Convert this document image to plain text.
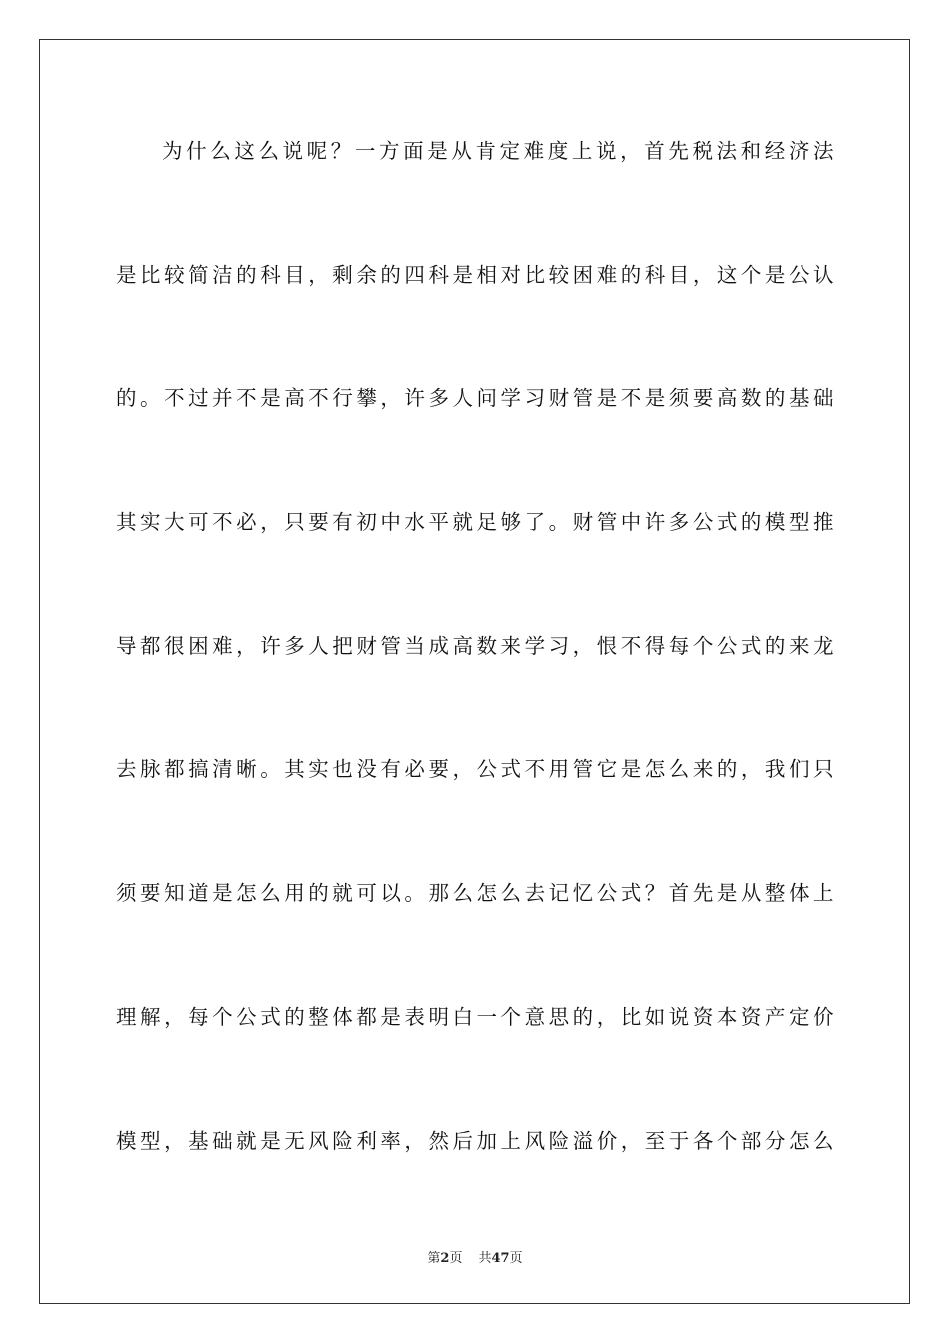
为什么这么说呢？一方面是从肯定难度上说，首先税法和经济法
是比较简洁的科目，剩余的四科是相对比较困难的科目，这个是公认
的。不过并不是高不行攀，许多人问学习财管是不是须要高数的基础
其实大可不必，只要有初中水平就足够了。财管中许多公式的模型推
导都很困难，许多人把财管当成高数来学习，恨不得每个公式的来龙
去脉都搞清晰。其实也没有必要，公式不用管它是怎么来的，我们只
须要知道是怎么用的就可以。那么怎么去记忆公式？首先是从整体上
理解，每个公式的整体都是表明白一个意思的，比如说资本资产定价
模型，基础就是无风险利率，然后加上风险溢价，至于各个部分怎么
第2页 共47页
